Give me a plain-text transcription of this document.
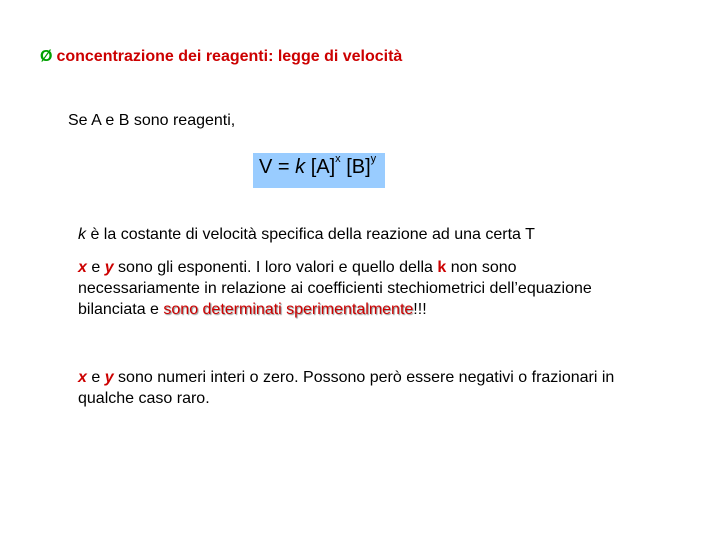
Ø concentrazione dei reagenti: legge di velocità
Se A e B sono reagenti,
V = k $[A]^x$ $[B]^y$
k è la costante di velocità specifica della reazione ad una certa T
x e y sono gli esponenti. I loro valori e quello della k non sono necessariamente in relazione ai coefficienti stechiometrici dell’equazione bilanciata e sono determinati sperimentalmente!!!
x e y sono numeri interi o zero. Possono però essere negativi o frazionari in qualche caso raro.
